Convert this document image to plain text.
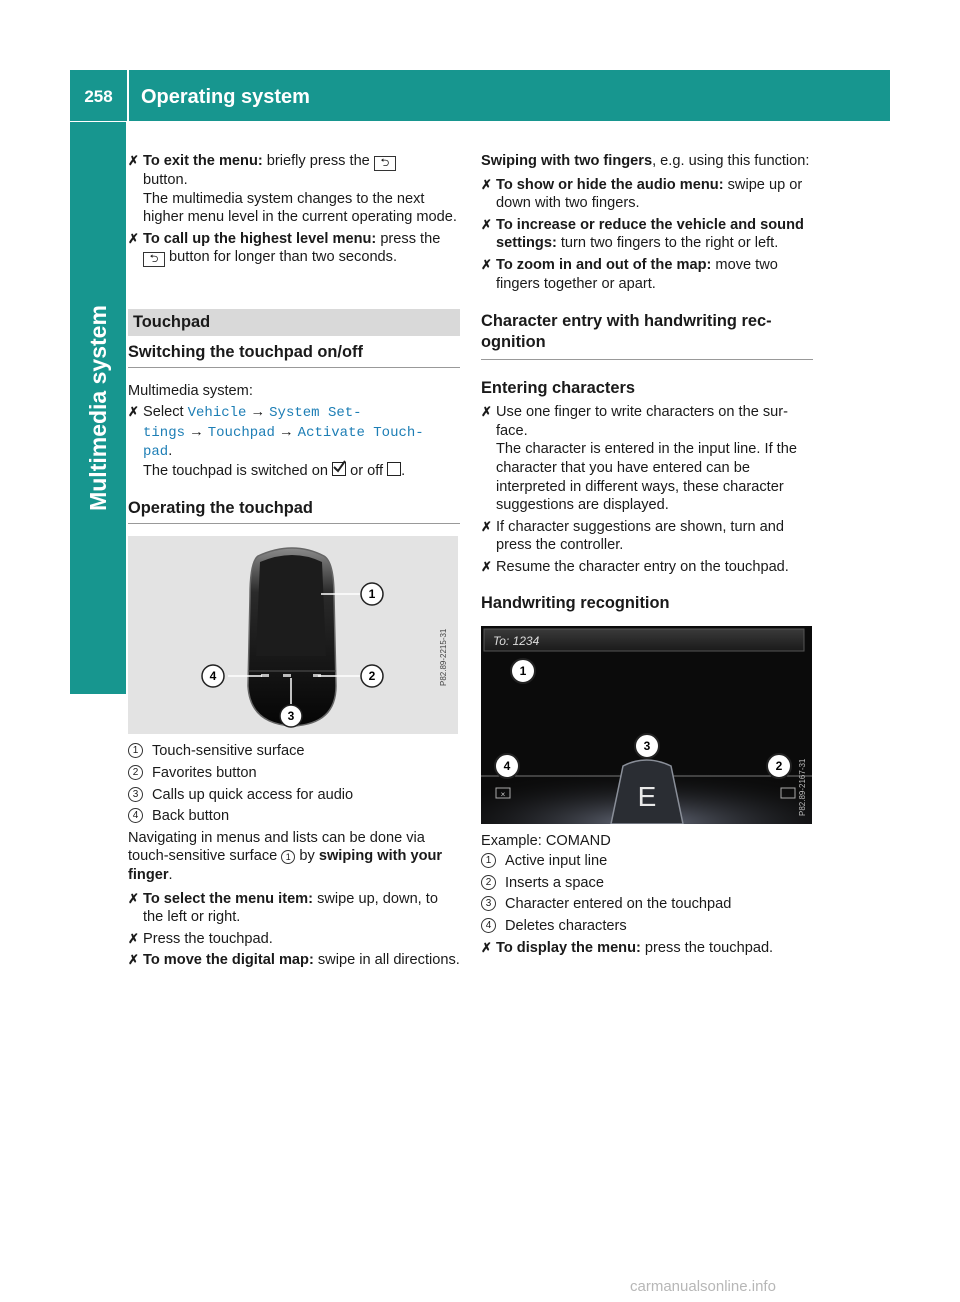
258	Operating system
Multimedia system
✗ To exit the menu: briefly press the ⮌
button.
The multimedia system changes to the next higher menu level in the current operating mode.
✗ To call up the highest level menu: press the
⮌ button for longer than two seconds.
Touchpad
Switching the touchpad on/off

Multimedia system:

✗ Select Vehicle → System Set‑
tings → Touchpad → Activate Touch‑
pad.
The touchpad is switched on
or off .
Operating the touchpad
1
2
3
4	P82.89-2215-31
1 Touch-sensitive surface
2 Favorites button
3 Calls up quick access for audio
4 Back button

Navigating in menus and lists can be done via touch-sensitive surface 1 by swiping with your finger.

✗ To select the menu item: swipe up, down, to the left or right.
✗ Press the touchpad.
✗ To move the digital map: swipe in all directions.

Swiping with two fingers, e.g. using this function:

✗ To show or hide the audio menu: swipe up or down with two fingers.
✗ To increase or reduce the vehicle and sound settings: turn two fingers to the right or left.
✗ To zoom in and out of the map: move two fingers together or apart.
Character entry with handwriting recognition
Entering characters
✗ Use one finger to write characters on the surface.
The character is entered in the input line. If the character that you have entered can be interpreted in different ways, these character suggestions are displayed.
✗ If character suggestions are shown, turn and press the controller.
✗ Resume the character entry on the touchpad.
Handwriting recognition
To: 1234
E
×
1
2
3
4	P82.89-2167-31

Example: COMAND

1 Active input line
2 Inserts a space
3 Character entered on the touchpad
4 Deletes characters
✗ To display the menu: press the touchpad.
carmanualsonline.info
